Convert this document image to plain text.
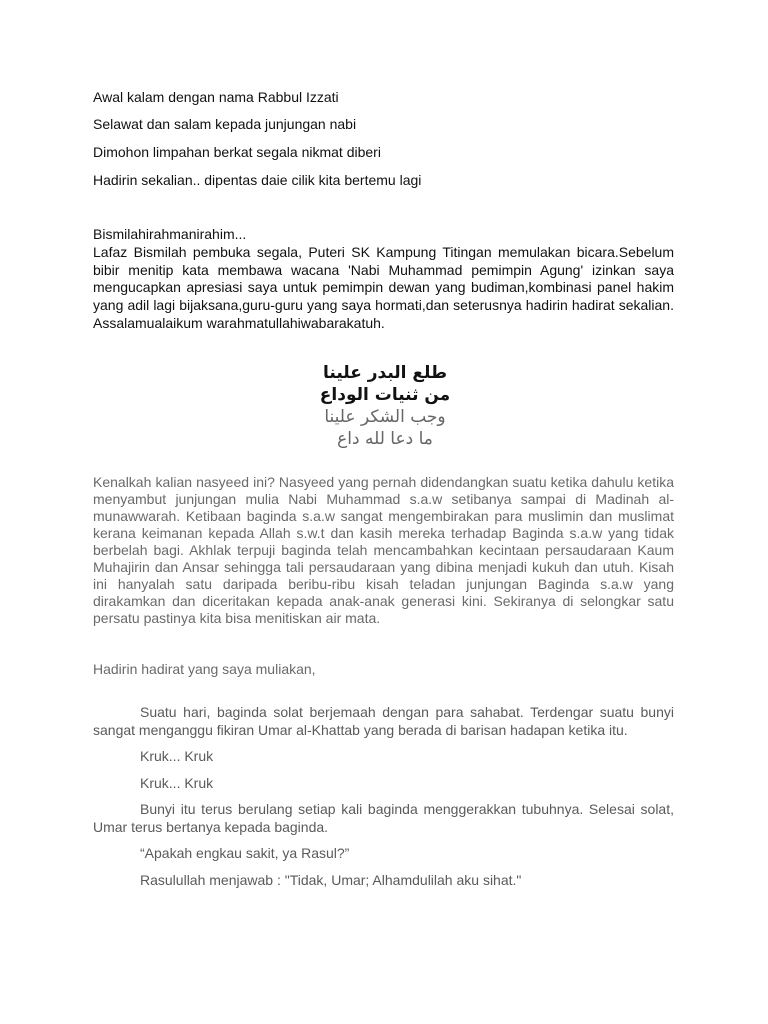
Awal kalam dengan nama Rabbul Izzati

Selawat dan salam kepada junjungan nabi

Dimohon limpahan berkat segala nikmat diberi

Hadirin sekalian.. dipentas daie cilik kita bertemu lagi

Bismilahirahmanirahim...

Lafaz Bismilah pembuka segala, Puteri SK Kampung Titingan memulakan bicara.Sebelum bibir menitip kata membawa wacana 'Nabi Muhammad pemimpin Agung' izinkan saya mengucapkan apresiasi saya untuk pemimpin dewan yang budiman,kombinasi panel hakim yang adil lagi bijaksana,guru-guru yang saya hormati,dan seterusnya hadirin hadirat sekalian. Assalamualaikum warahmatullahiwabarakatuh.

طلع البدر علينا
من ثنيات الوداع
وجب الشكر علينا
ما دعا لله داع

Kenalkah kalian nasyeed ini? Nasyeed yang pernah didendangkan suatu ketika dahulu ketika menyambut junjungan mulia Nabi Muhammad s.a.w setibanya sampai di Madinah al-munawwarah. Ketibaan baginda s.a.w sangat mengembirakan para muslimin dan muslimat kerana keimanan kepada Allah s.w.t dan kasih mereka terhadap Baginda s.a.w yang tidak berbelah bagi. Akhlak terpuji baginda telah mencambahkan kecintaan persaudaraan Kaum Muhajirin dan Ansar sehingga tali persaudaraan yang dibina menjadi kukuh dan utuh. Kisah ini hanyalah satu daripada beribu-ribu kisah teladan junjungan Baginda s.a.w yang dirakamkan dan diceritakan kepada anak-anak generasi kini. Sekiranya di selongkar satu persatu pastinya kita bisa menitiskan air mata.

Hadirin hadirat yang saya muliakan,

Suatu hari, baginda solat berjemaah dengan para sahabat. Terdengar suatu bunyi sangat menganggu fikiran Umar al-Khattab yang berada di barisan hadapan ketika itu.

Kruk... Kruk

Kruk... Kruk

Bunyi itu terus berulang setiap kali baginda menggerakkan tubuhnya. Selesai solat, Umar terus bertanya kepada baginda.

“Apakah engkau sakit, ya Rasul?”

Rasulullah menjawab : "Tidak, Umar; Alhamdulilah aku sihat."
